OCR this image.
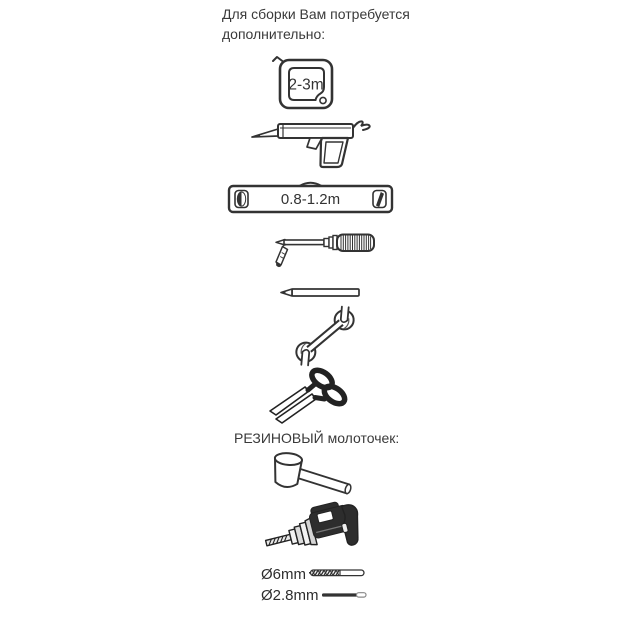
Для сборки Вам потребуется
дополнительно:
2-3m
0.8-1.2m
РЕЗИНОВЫЙ молоточек:
Ø6mm
Ø2.8mm
